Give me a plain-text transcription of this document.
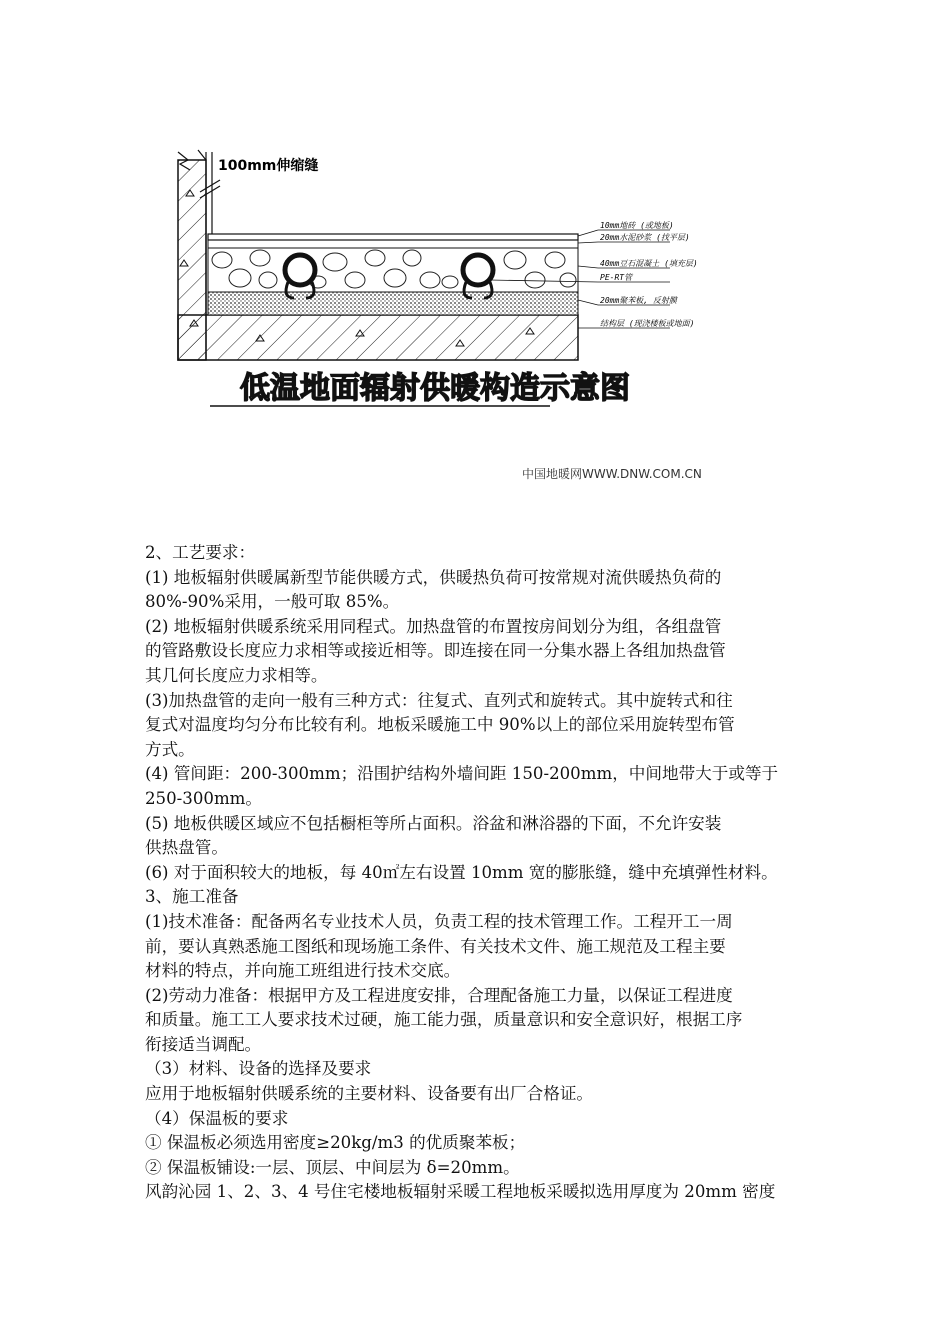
100mm伸缩缝
10mm地砖 (或地板)
20mm水泥砂浆 (找平层)
40mm豆石混凝土 (填充层)
PE-RT管
20mm聚苯板, 反射膜
结构层 (现浇楼板或地面)
低温地面辐射供暖构造示意图
中国地暖网WWW.DNW.COM.CN

2、工艺要求：

(1) 地板辐射供暖属新型节能供暖方式，供暖热负荷可按常规对流供暖热负荷的

80%-90%采用，一般可取 85%。

(2) 地板辐射供暖系统采用同程式。加热盘管的布置按房间划分为组，各组盘管

的管路敷设长度应力求相等或接近相等。即连接在同一分集水器上各组加热盘管

其几何长度应力求相等。

(3)加热盘管的走向一般有三种方式：往复式、直列式和旋转式。其中旋转式和往

复式对温度均匀分布比较有利。地板采暖施工中 90%以上的部位采用旋转型布管

方式。

(4) 管间距：200-300mm；沿围护结构外墙间距 150-200mm，中间地带大于或等于

250-300mm。

(5) 地板供暖区域应不包括橱柜等所占面积。浴盆和淋浴器的下面，不允许安装

供热盘管。

(6) 对于面积较大的地板，每 40㎡左右设置 10mm 宽的膨胀缝，缝中充填弹性材料。

3、施工准备

(1)技术准备：配备两名专业技术人员，负责工程的技术管理工作。工程开工一周

前，要认真熟悉施工图纸和现场施工条件、有关技术文件、施工规范及工程主要

材料的特点，并向施工班组进行技术交底。

(2)劳动力准备：根据甲方及工程进度安排，合理配备施工力量，以保证工程进度

和质量。施工工人要求技术过硬，施工能力强，质量意识和安全意识好，根据工序

衔接适当调配。

（3）材料、设备的选择及要求

应用于地板辐射供暖系统的主要材料、设备要有出厂合格证。

（4）保温板的要求

① 保温板必须选用密度≥20kg/m3 的优质聚苯板；

② 保温板铺设:一层、顶层、中间层为 δ=20mm。

风韵沁园 1、2、3、4 号住宅楼地板辐射采暖工程地板采暖拟选用厚度为 20mm 密度
